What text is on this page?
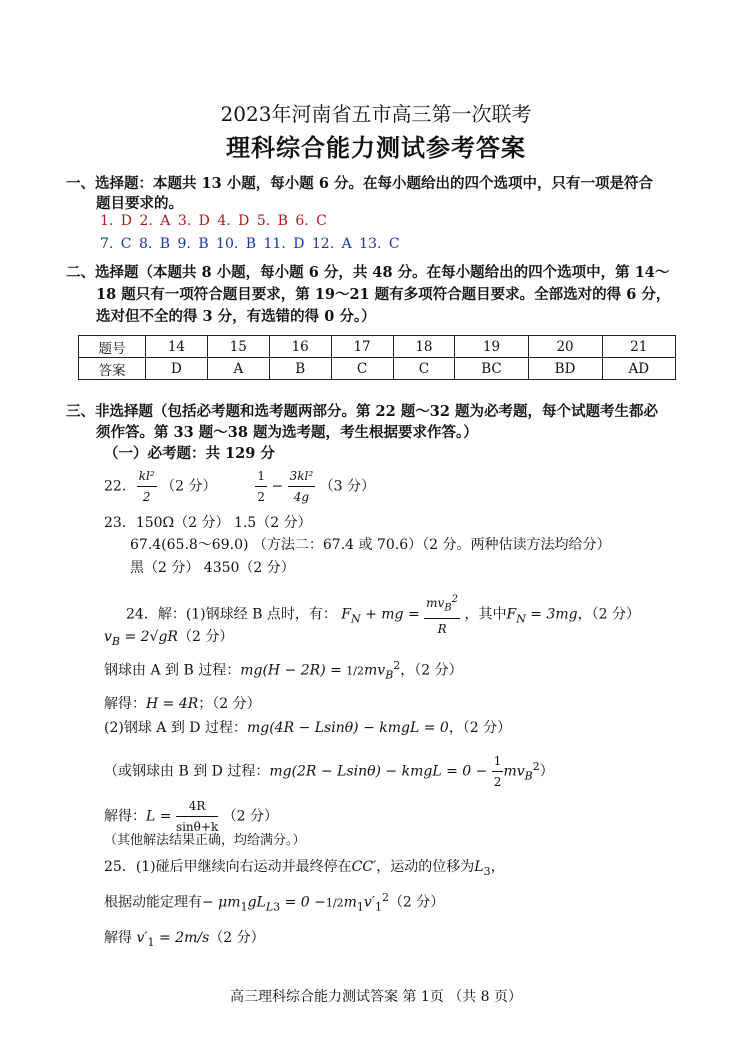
2023年河南省五市高三第一次联考
理科综合能力测试参考答案
一、选择题：本题共 13 小题，每小题 6 分。在每小题给出的四个选项中，只有一项是符合
题目要求的。
1. D 2. A 3. D 4. D 5. B 6. C
7. C 8. B 9. B 10. B 11. D 12. A 13. C
二、选择题（本题共 8 小题，每小题 6 分，共 48 分。在每小题给出的四个选项中，第 14～
18 题只有一项符合题目要求，第 19～21 题有多项符合题目要求。全部选对的得 6 分，
选对但不全的得 3 分，有选错的得 0 分。）
题号	14	15	16	17	18	19	20	21
答案	D	A	B	C	C	BC	BD	AD
三、非选择题（包括必考题和选考题两部分。第 22 题～32 题为必考题，每个试题考生都必
须作答。第 33 题～38 题为选考题，考生根据要求作答。）
（一）必考题：共 129 分
22. $\frac{\text{kl²}}{2} (2$ 分）	$\frac{1}{2} - \frac{\text{3kl²}}{4g} (3$ 分）
23．150Ω（2 分） 1.5（2 分）
67.4(65.8～69.0) （方法二：67.4 或 70.6）（2 分。两种估读方法均给分）
黑（2 分） 4350（2 分）
24．解：(1)钢球经 B 点时，有： $F_N$ + mg = $\frac{mv_B^2}{R}$ ，其中$F_N = 3mg$，（2 分）
$v_B = 2√gR(2$ 分）
钢球由 A 到 B 过程：$mg(H - 2R) = 1/2mv_B^2$，（2 分）
解得：H = 4R；（2 分）
(2)钢球 A 到 D 过程：mg(4R − Lsinθ) − kmgL = 0，（2 分）
（或钢球由 B 到 D 过程：mg(2R − Lsinθ) − kmgL = $0 - \frac{1}{2} mv_B^2$）
解得：$L = \frac{4R}{\sin\theta+k} (2$ 分）
（其他解法结果正确，均给满分。）
25．(1)碰后甲继续向右运动并最终停在CC′，运动的位移为$L_3$，
根据动能定理有− $\mu m_1gL_{L3} = 0 -1/2m_1v'_1^2(2$ 分）
解得 $v'_1 = 2m/s(2$ 分）
高三理科综合能力测试答案 第 1页 （共 8 页）
